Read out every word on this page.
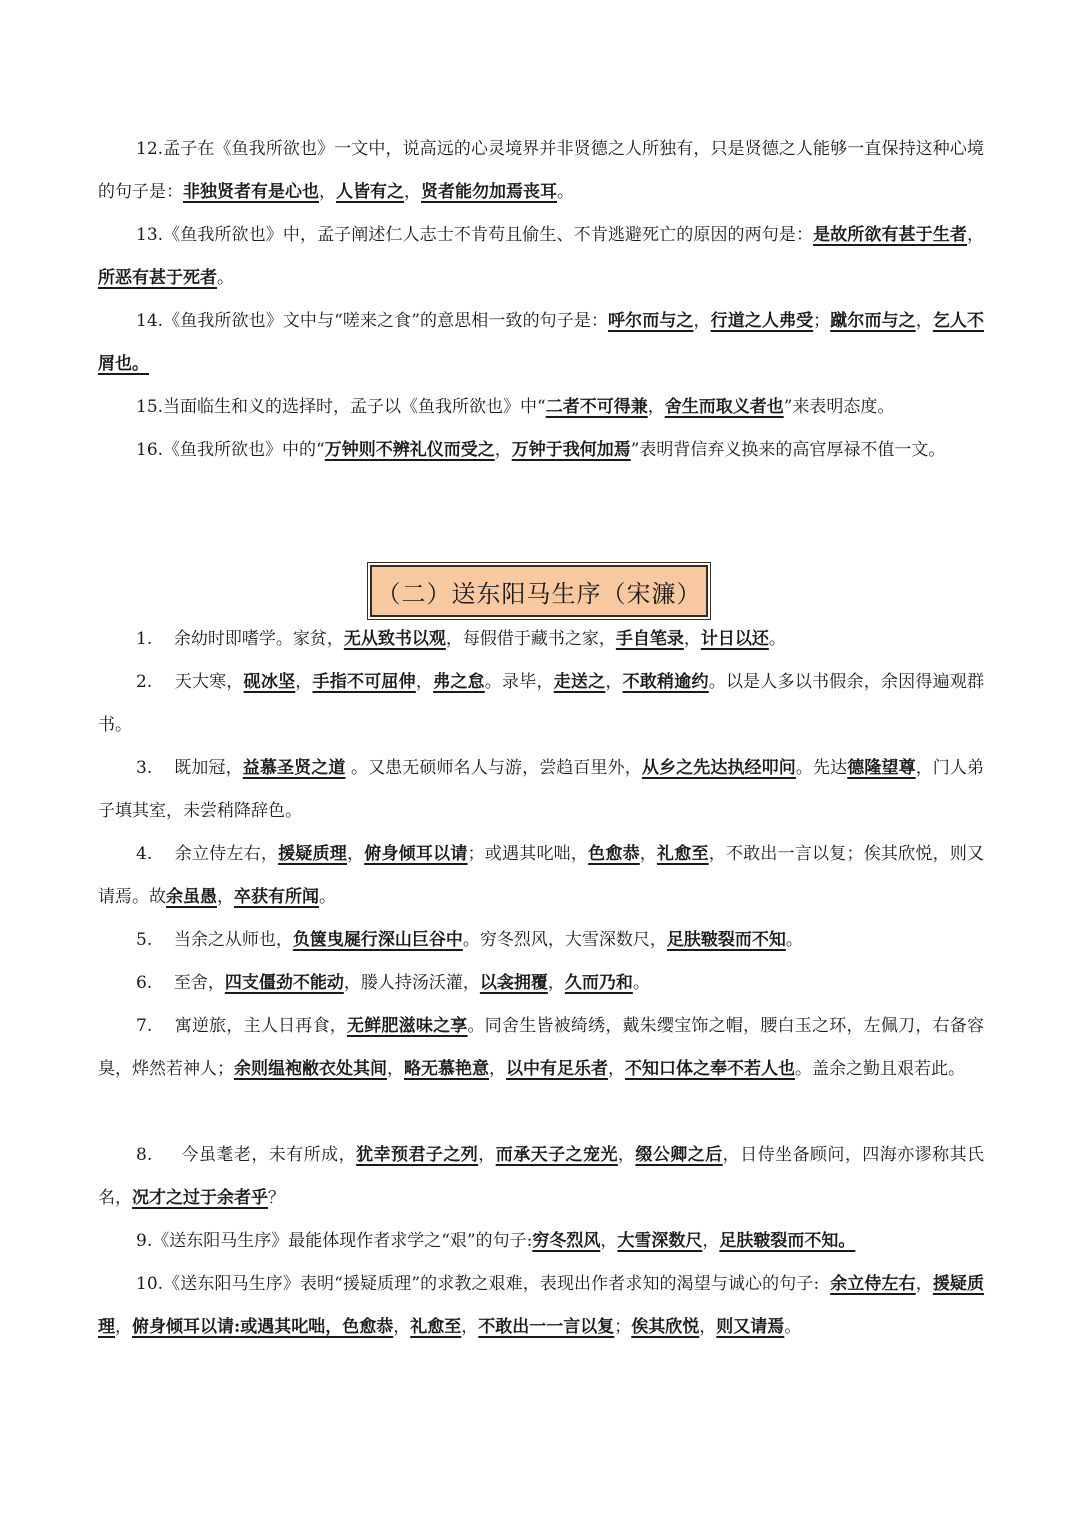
12.孟子在《鱼我所欲也》一文中，说高远的心灵境界并非贤德之人所独有，只是贤德之人能够一直保持这种心境的句子是：非独贤者有是心也，人皆有之，贤者能勿加焉丧耳。

13.《鱼我所欲也》中，孟子阐述仁人志士不肯苟且偷生、不肯逃避死亡的原因的两句是：是故所欲有甚于生者，所恶有甚于死者。

14.《鱼我所欲也》文中与“嗟来之食”的意思相一致的句子是：呼尔而与之，行道之人弗受；蹴尔而与之，乞人不屑也。

15.当面临生和义的选择时，孟子以《鱼我所欲也》中“二者不可得兼，舍生而取义者也”来表明态度。

16.《鱼我所欲也》中的“万钟则不辨礼仪而受之，万钟于我何加焉”表明背信弃义换来的高官厚禄不值一文。

（二）送东阳马生序（宋濂）

1.    余幼时即嗜学。家贫，无从致书以观，每假借于藏书之家，手自笔录，计日以还。

2.    天大寒，砚冰坚，手指不可屈伸，弗之怠。录毕，走送之，不敢稍逾约。以是人多以书假余，余因得遍观群书。

3.    既加冠，益慕圣贤之道 。又患无硕师名人与游，尝趋百里外，从乡之先达执经叩问。先达德隆望尊，门人弟子填其室，未尝稍降辞色。

4.    余立侍左右，援疑质理，俯身倾耳以请；或遇其叱咄，色愈恭，礼愈至，不敢出一言以复；俟其欣悦，则又请焉。故余虽愚，卒获有所闻。

5.    当余之从师也，负箧曳屣行深山巨谷中。穷冬烈风，大雪深数尺，足肤皲裂而不知。

6.    至舍，四支僵劲不能动，媵人持汤沃灌，以衾拥覆，久而乃和。

7.    寓逆旅，主人日再食，无鲜肥滋味之享。同舍生皆被绮绣，戴朱缨宝饰之帽，腰白玉之环，左佩刀，右备容臭，烨然若神人；余则缊袍敝衣处其间，略无慕艳意，以中有足乐者，不知口体之奉不若人也。盖余之勤且艰若此。

8.     今虽耄老，未有所成，犹幸预君子之列，而承天子之宠光，缀公卿之后，日侍坐备顾问，四海亦谬称其氏名，况才之过于余者乎？

9.《送东阳马生序》最能体现作者求学之“艰”的句子:穷冬烈风，大雪深数尺，足肤皲裂而不知。

10.《送东阳马生序》表明“援疑质理”的求教之艰难，表现出作者求知的渴望与诚心的句子:  余立侍左右，援疑质理，俯身倾耳以请:或遇其叱咄，色愈恭，礼愈至，不敢出一一言以复；俟其欣悦，则又请焉。
